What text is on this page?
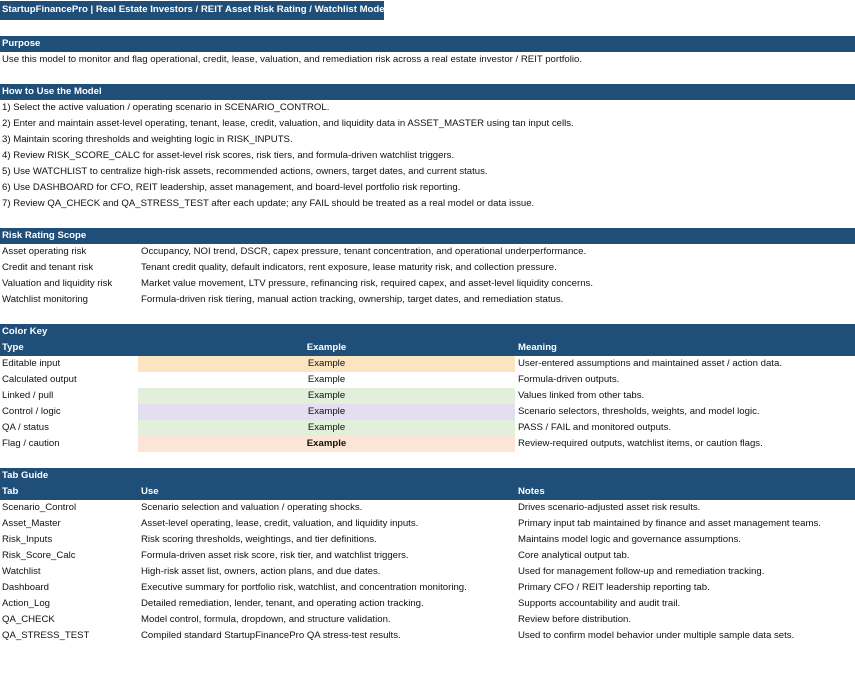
StartupFinancePro | Real Estate Investors / REIT Asset Risk Rating / Watchlist Model
Purpose
Use this model to monitor and flag operational, credit, lease, valuation, and remediation risk across a real estate investor / REIT portfolio.
How to Use the Model
1) Select the active valuation / operating scenario in SCENARIO_CONTROL.
2) Enter and maintain asset-level operating, tenant, lease, credit, valuation, and liquidity data in ASSET_MASTER using tan input cells.
3) Maintain scoring thresholds and weighting logic in RISK_INPUTS.
4) Review RISK_SCORE_CALC for asset-level risk scores, risk tiers, and formula-driven watchlist triggers.
5) Use WATCHLIST to centralize high-risk assets, recommended actions, owners, target dates, and current status.
6) Use DASHBOARD for CFO, REIT leadership, asset management, and board-level portfolio risk reporting.
7) Review QA_CHECK and QA_STRESS_TEST after each update; any FAIL should be treated as a real model or data issue.
Risk Rating Scope
Asset operating risk	Occupancy, NOI trend, DSCR, capex pressure, tenant concentration, and operational underperformance.
Credit and tenant risk	Tenant credit quality, default indicators, rent exposure, lease maturity risk, and collection pressure.
Valuation and liquidity risk	Market value movement, LTV pressure, refinancing risk, required capex, and asset-level liquidity concerns.
Watchlist monitoring	Formula-driven risk tiering, manual action tracking, ownership, target dates, and remediation status.
Color Key
Type	Example	Meaning
Editable input	Example	User-entered assumptions and maintained asset / action data.
Calculated output	Example	Formula-driven outputs.
Linked / pull	Example	Values linked from other tabs.
Control / logic	Example	Scenario selectors, thresholds, weights, and model logic.
QA / status	Example	PASS / FAIL and monitored outputs.
Flag / caution	Example	Review-required outputs, watchlist items, or caution flags.
Tab Guide
Tab	Use	Notes
Scenario_Control	Scenario selection and valuation / operating shocks.	Drives scenario-adjusted asset risk results.
Asset_Master	Asset-level operating, lease, credit, valuation, and liquidity inputs.	Primary input tab maintained by finance and asset management teams.
Risk_Inputs	Risk scoring thresholds, weightings, and tier definitions.	Maintains model logic and governance assumptions.
Risk_Score_Calc	Formula-driven asset risk score, risk tier, and watchlist triggers.	Core analytical output tab.
Watchlist	High-risk asset list, owners, action plans, and due dates.	Used for management follow-up and remediation tracking.
Dashboard	Executive summary for portfolio risk, watchlist, and concentration monitoring.	Primary CFO / REIT leadership reporting tab.
Action_Log	Detailed remediation, lender, tenant, and operating action tracking.	Supports accountability and audit trail.
QA_CHECK	Model control, formula, dropdown, and structure validation.	Review before distribution.
QA_STRESS_TEST	Compiled standard StartupFinancePro QA stress-test results.	Used to confirm model behavior under multiple sample data sets.
